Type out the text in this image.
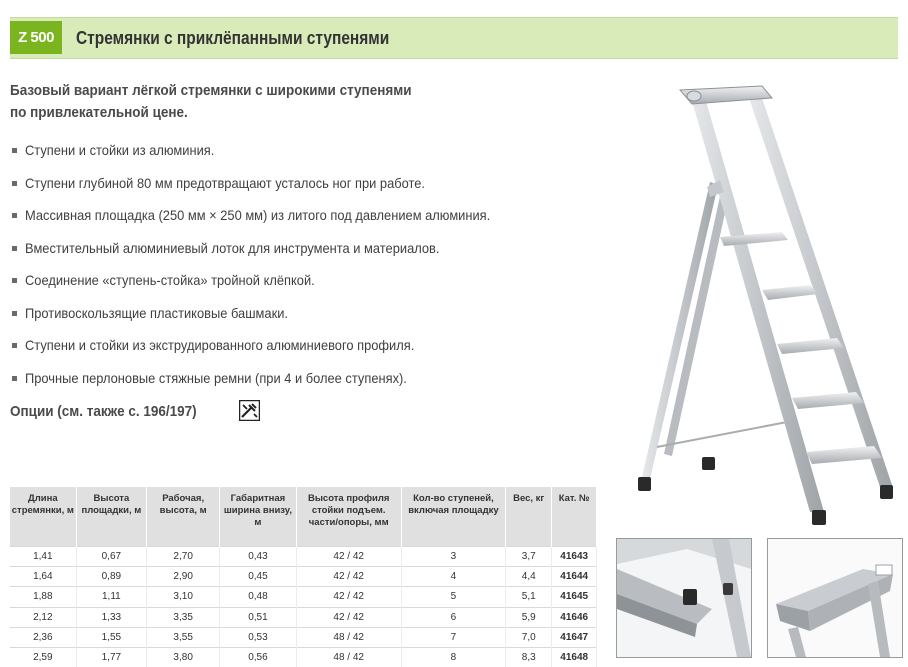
Z 500	Стремянки с приклёпанными ступенями
Базовый вариант лёгкой стремянки с широкими ступенями
по привлекательной цене.
Ступени и стойки из алюминия.
Ступени глубиной 80 мм предотвращают усталось ног при работе.
Массивная площадка (250 мм × 250 мм) из литого под давлением алюминия.
Вместительный алюминиевый лоток для инструмента и материалов.
Соединение «ступень-стойка» тройной клёпкой.
Противоскользящие пластиковые башмаки.
Ступени и стойки из экструдированного алюминиевого профиля.
Прочные перлоновые стяжные ремни (при 4 и более ступенях).
Опции (см. также с. 196/197)
Длина стремянки, м	Высота площадки, м	Рабочая, высота, м	Габаритная ширина внизу, м	Высота профиля стойки подъем. части/опоры, мм	Кол-во ступеней, включая площадку	Вес, кг	Кат. №
1,41	0,67	2,70	0,43	42 / 42	3	3,7	41643
1,64	0,89	2,90	0,45	42 / 42	4	4,4	41644
1,88	1,11	3,10	0,48	42 / 42	5	5,1	41645
2,12	1,33	3,35	0,51	42 / 42	6	5,9	41646
2,36	1,55	3,55	0,53	48 / 42	7	7,0	41647
2,59	1,77	3,80	0,56	48 / 42	8	8,3	41648
